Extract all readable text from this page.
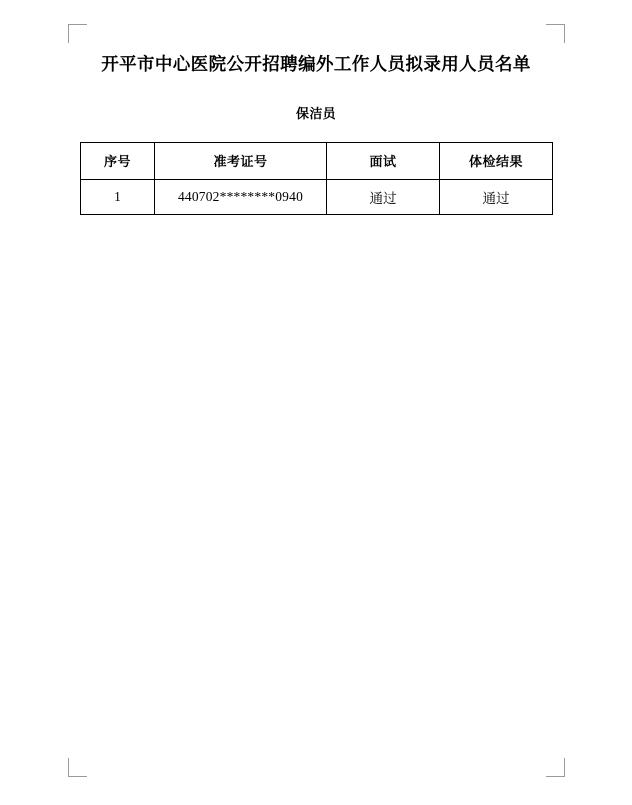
开平市中心医院公开招聘编外工作人员拟录用人员名单
保洁员
序号	准考证号	面试	体检结果
1	440702********0940	通过	通过
